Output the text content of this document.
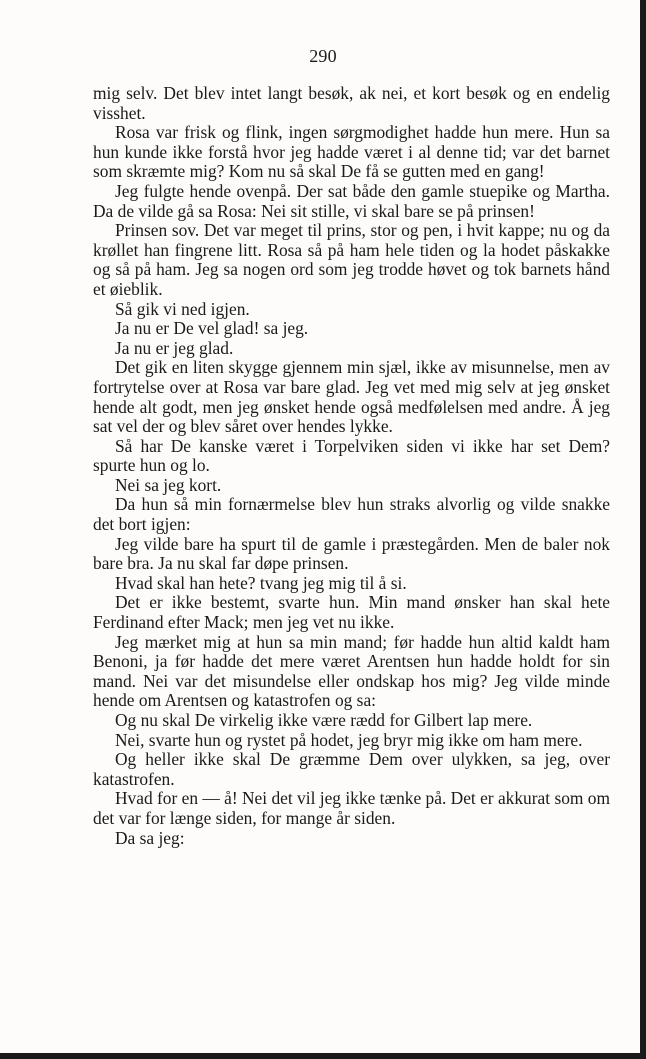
290

mig selv. Det blev intet langt besøk, ak nei, et kort besøk og en endelig visshet.

Rosa var frisk og flink, ingen sørgmodighet hadde hun mere. Hun sa hun kunde ikke forstå hvor jeg hadde været i al denne tid; var det barnet som skræmte mig? Kom nu så skal De få se gutten med en gang!

Jeg fulgte hende ovenpå. Der sat både den gamle stuepike og Martha. Da de vilde gå sa Rosa: Nei sit stille, vi skal bare se på prinsen!

Prinsen sov. Det var meget til prins, stor og pen, i hvit kappe; nu og da krøllet han fingrene litt. Rosa så på ham hele tiden og la hodet påskakke og så på ham. Jeg sa nogen ord som jeg trodde høvet og tok barnets hånd et øieblik.

Så gik vi ned igjen.

Ja nu er De vel glad! sa jeg.

Ja nu er jeg glad.

Det gik en liten skygge gjennem min sjæl, ikke av misunnelse, men av fortrytelse over at Rosa var bare glad. Jeg vet med mig selv at jeg ønsket hende alt godt, men jeg ønsket hende også medfølelsen med andre. Å jeg sat vel der og blev såret over hendes lykke.

Så har De kanske været i Torpelviken siden vi ikke har set Dem? spurte hun og lo.

Nei sa jeg kort.

Da hun så min fornærmelse blev hun straks alvorlig og vilde snakke det bort igjen:

Jeg vilde bare ha spurt til de gamle i præstegården. Men de baler nok bare bra. Ja nu skal far døpe prinsen.

Hvad skal han hete? tvang jeg mig til å si.

Det er ikke bestemt, svarte hun. Min mand ønsker han skal hete Ferdinand efter Mack; men jeg vet nu ikke.

Jeg mærket mig at hun sa min mand; før hadde hun altid kaldt ham Benoni, ja før hadde det mere været Arentsen hun hadde holdt for sin mand. Nei var det misundelse eller ondskap hos mig? Jeg vilde minde hende om Arentsen og katastrofen og sa:

Og nu skal De virkelig ikke være rædd for Gilbert lap mere.

Nei, svarte hun og rystet på hodet, jeg bryr mig ikke om ham mere.

Og heller ikke skal De græmme Dem over ulykken, sa jeg, over katastrofen.

Hvad for en — å! Nei det vil jeg ikke tænke på. Det er akkurat som om det var for længe siden, for mange år siden.

Da sa jeg:
